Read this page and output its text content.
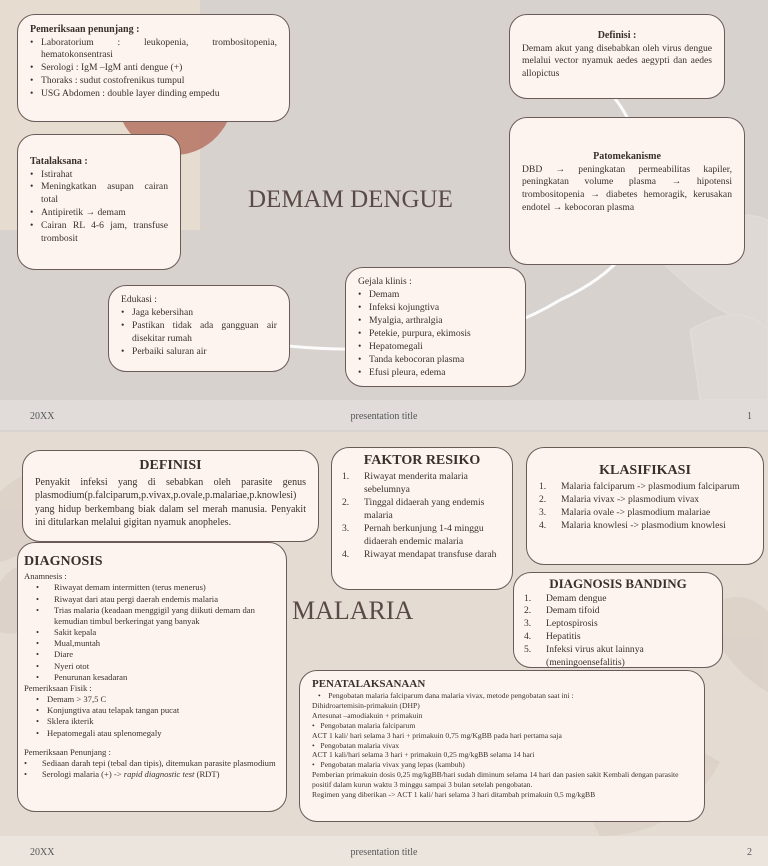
DEMAM DENGUE
Pemeriksaan penunjang :
• Laboratorium : leukopenia, trombositopenia, hematokonsentrasi
• Serologi : IgM –IgM anti dengue (+)
• Thoraks : sudut costofrenikus tumpul
• USG Abdomen : double layer dinding empedu
Definisi :
Demam akut yang disebabkan oleh virus dengue melalui vector nyamuk aedes aegypti dan aedes allopictus
Tatalaksana :
• Istirahat
• Meningkatkan asupan cairan total
• Antipiretik → demam
• Cairan RL 4-6 jam, transfuse trombosit
Patomekanisme
DBD → peningkatan permeabilitas kapiler, peningkatan volume plasma → hipotensi trombositopenia → diabetes hemoragik, kerusakan endotel → kebocoran plasma
Edukasi :
• Jaga kebersihan
• Pastikan tidak ada gangguan air disekitar rumah
• Perbaiki saluran air
Gejala klinis :
• Demam
• Infeksi kojungtiva
• Myalgia, arthralgia
• Petekie, purpura, ekimosis
• Hepatomegali
• Tanda kebocoran plasma
• Efusi pleura, edema
20XX	presentation title	1
MALARIA
DEFINISI
Penyakit infeksi yang di sebabkan oleh parasite genus plasmodium(p.falciparum,p.vivax,p.ovale,p.malariae,p.knowlesi) yang hidup berkembang biak dalam sel merah manusia. Penyakit ini ditularkan melalui gigitan nyamuk anopheles.
FAKTOR RESIKO
1. Riwayat menderita malaria sebelumnya
2. Tinggal didaerah yang endemis malaria
3. Pernah berkunjung 1-4 minggu didaerah endemic malaria
4. Riwayat mendapat transfuse darah
KLASIFIKASI
1. Malaria falciparum -> plasmodium falciparum
2. Malaria vivax -> plasmodium vivax
3. Malaria ovale -> plasmodium malariae
4. Malaria knowlesi -> plasmodium knowlesi
DIAGNOSIS
Anamnesis :
• Riwayat demam intermitten (terus menerus)
• Riwayat dari atau pergi daerah endemis malaria
• Trias malaria (keadaan menggigil yang diikuti demam dan kemudian timbul berkeringat yang banyak
• Sakit kepala
• Mual,muntah
• Diare
• Nyeri otot
• Penurunan kesadaran
Pemeriksaan Fisik :
• Demam > 37,5 C
• Konjungtiva atau telapak tangan pucat
• Sklera ikterik
• Hepatomegali atau splenomegaly
Pemeriksaan Penunjang :
• Sediaan darah tepi (tebal dan tipis), ditemukan parasite plasmodium
• Serologi malaria (+) -> rapid diagnostic test (RDT)
DIAGNOSIS BANDING
1. Demam dengue
2. Demam tifoid
3. Leptospirosis
4. Hepatitis
5. Infeksi virus akut lainnya (meningoensefalitis)
PENATALAKSANAAN
•    Pengobatan malaria falciparum dana malaria vivax, metode pengobatan saat ini :
Dihidroartemisin-primakuin (DHP)
Artesunat –amodiakuin + primakuin
•   Pengobatan malaria falciparum
ACT 1 kali/ hari selama 3 hari + primakuin 0,75 mg/KgBB pada hari pertama saja
•   Pengobatan malaria vivax
ACT 1 kali/hari selama 3 hari + primakuin 0,25 mg/kgBB selama 14 hari
•   Pengobatan malaria vivax yang lepas (kambuh)
Pemberian primakuin dosis 0,25 mg/kgBB/hari sudah diminum selama 14 hari dan pasien sakit Kembali dengan parasite positif dalam kurun waktu 3 minggu sampai 3 bulan setelah pengobatan.
Regimen yang diberikan -> ACT 1 kali/ hari selama 3 hari ditambah primakuin 0,5 mg/kgBB
20XX	presentation title	2
